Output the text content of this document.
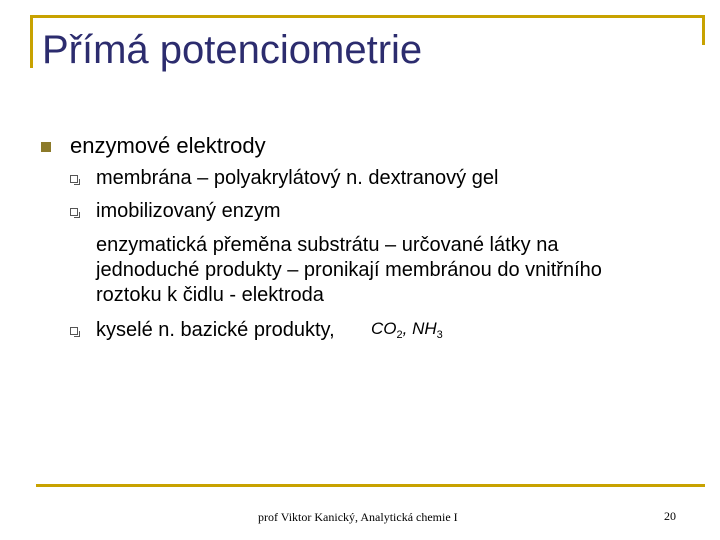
Přímá potenciometrie
enzymové elektrody
membrána – polyakrylátový n. dextranový gel
imobilizovaný enzym
enzymatická přeměna substrátu – určované látky na
jednoduché produkty – pronikají membránou do vnitřního
roztoku k čidlu - elektroda
kyselé n. bazické produkty, $CO_2$, $NH_3$
prof Viktor Kanický, Analytická chemie I	20
